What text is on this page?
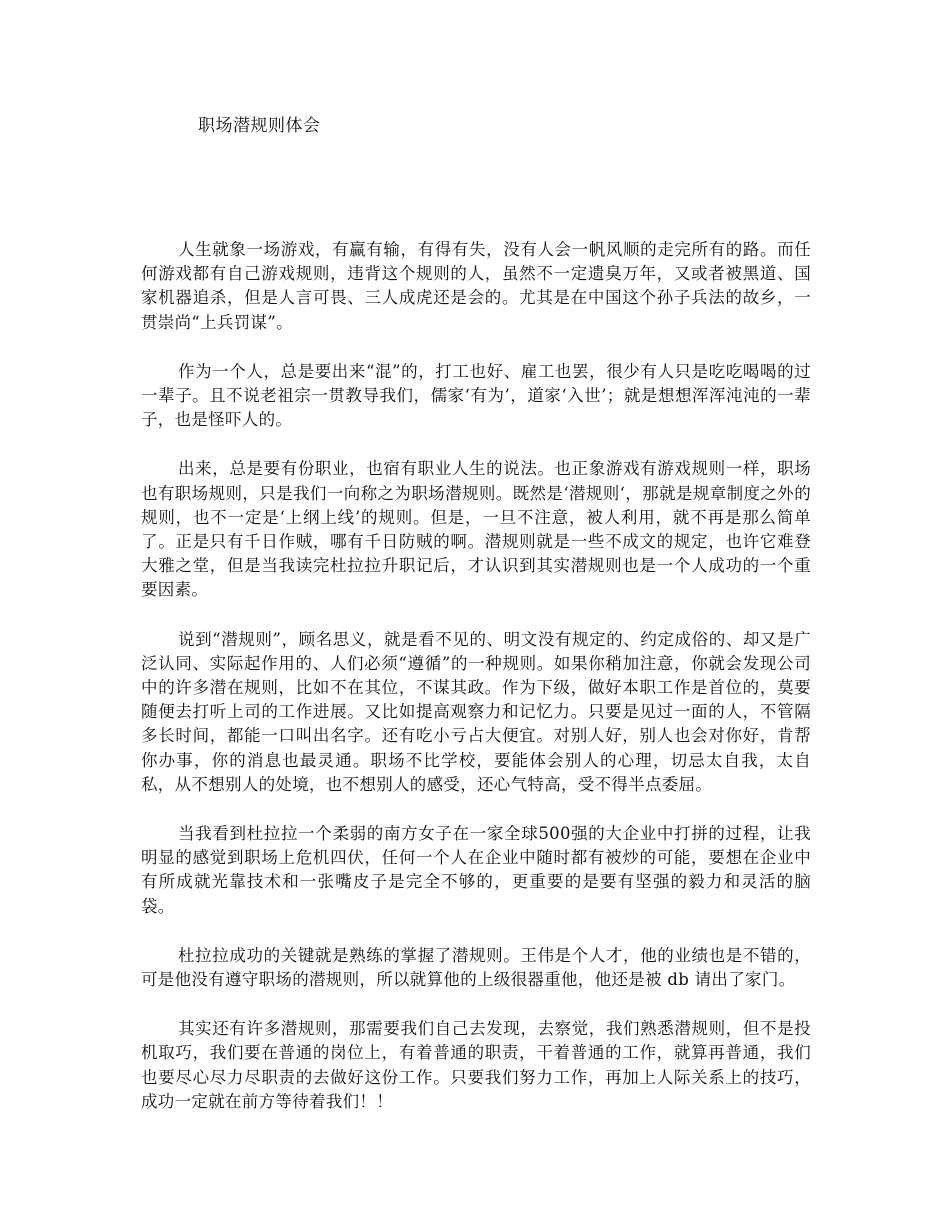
职场潜规则体会

人生就象一场游戏，有赢有输，有得有失，没有人会一帆风顺的走完所有的路。而任何游戏都有自己游戏规则，违背这个规则的人，虽然不一定遗臭万年，又或者被黑道、国家机器追杀，但是人言可畏、三人成虎还是会的。尤其是在中国这个孙子兵法的故乡，一贯崇尚“上兵罚谋”。

作为一个人，总是要出来“混”的，打工也好、雇工也罢，很少有人只是吃吃喝喝的过一辈子。且不说老祖宗一贯教导我们，儒家‘有为’，道家‘入世’；就是想想浑浑沌沌的一辈子，也是怪吓人的。

出来，总是要有份职业，也宿有职业人生的说法。也正象游戏有游戏规则一样，职场也有职场规则，只是我们一向称之为职场潜规则。既然是‘潜规则‘，那就是规章制度之外的规则，也不一定是‘上纲上线’的规则。但是，一旦不注意，被人利用，就不再是那么简单了。正是只有千日作贼，哪有千日防贼的啊。潜规则就是一些不成文的规定，也许它难登大雅之堂，但是当我读完杜拉拉升职记后，才认识到其实潜规则也是一个人成功的一个重要因素。

说到“潜规则”，顾名思义，就是看不见的、明文没有规定的、约定成俗的、却又是广泛认同、实际起作用的、人们必须“遵循”的一种规则。如果你稍加注意，你就会发现公司中的许多潜在规则，比如不在其位，不谋其政。作为下级，做好本职工作是首位的，莫要随便去打听上司的工作进展。又比如提高观察力和记忆力。只要是见过一面的人，不管隔多长时间，都能一口叫出名字。还有吃小亏占大便宜。对别人好，别人也会对你好，肯帮你办事，你的消息也最灵通。职场不比学校，要能体会别人的心理，切忌太自我，太自私，从不想别人的处境，也不想别人的感受，还心气特高，受不得半点委屈。

当我看到杜拉拉一个柔弱的南方女子在一家全球500强的大企业中打拼的过程，让我明显的感觉到职场上危机四伏，任何一个人在企业中随时都有被炒的可能，要想在企业中有所成就光靠技术和一张嘴皮子是完全不够的，更重要的是要有坚强的毅力和灵活的脑袋。

杜拉拉成功的关键就是熟练的掌握了潜规则。王伟是个人才，他的业绩也是不错的，可是他没有遵守职场的潜规则，所以就算他的上级很器重他，他还是被 db 请出了家门。

其实还有许多潜规则，那需要我们自己去发现，去察觉，我们熟悉潜规则，但不是投机取巧，我们要在普通的岗位上，有着普通的职责，干着普通的工作，就算再普通，我们也要尽心尽力尽职责的去做好这份工作。只要我们努力工作，再加上人际关系上的技巧，成功一定就在前方等待着我们！！
